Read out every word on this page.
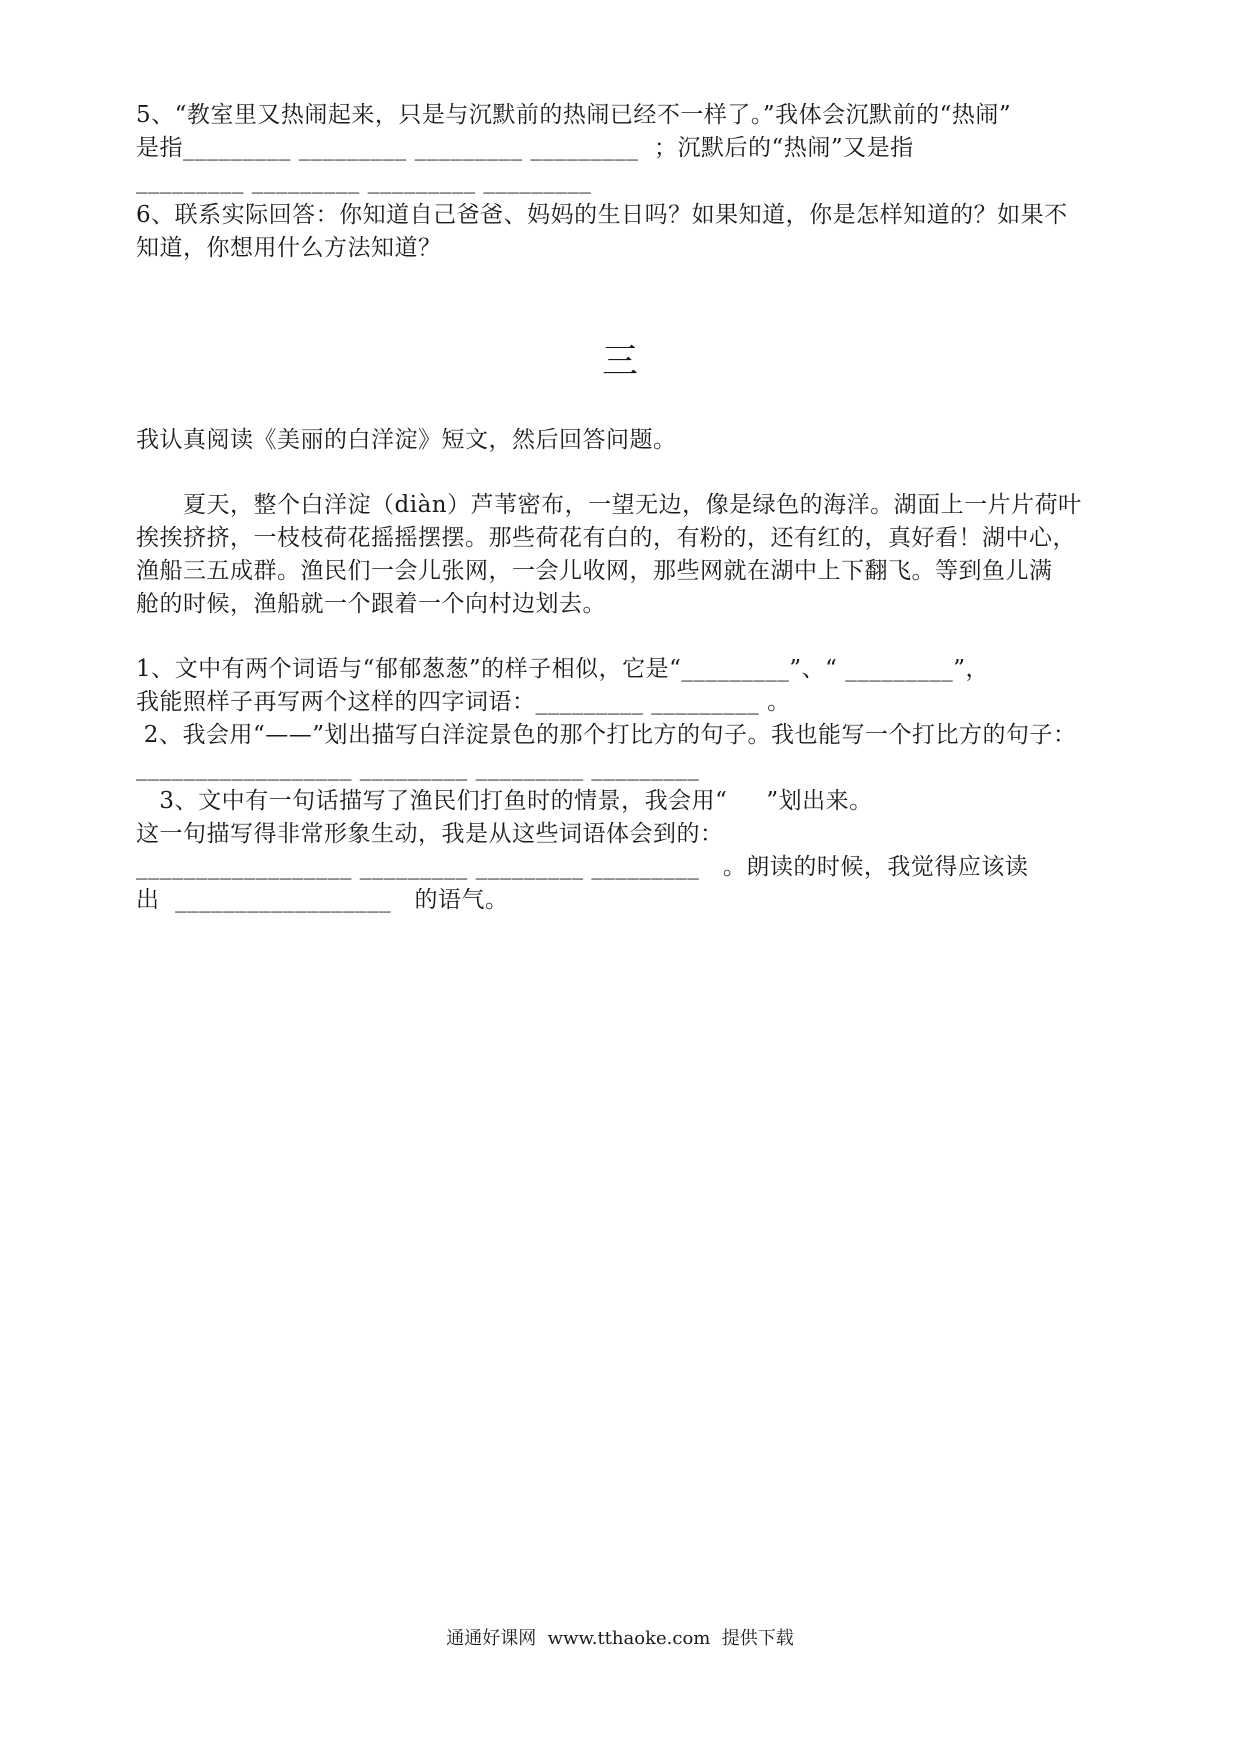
5、“教室里又热闹起来，只是与沉默前的热闹已经不一样了。”我体会沉默前的“热闹”
是指_________ _________ _________ _________  ；沉默后的“热闹”又是指
_________ _________ _________ _________
6、联系实际回答：你知道自己爸爸、妈妈的生日吗？如果知道，你是怎样知道的？如果不
知道，你想用什么方法知道？
三
我认真阅读《美丽的白洋淀》短文，然后回答问题。
　　夏天，整个白洋淀（diàn）芦苇密布，一望无边，像是绿色的海洋。湖面上一片片荷叶
挨挨挤挤，一枝枝荷花摇摇摆摆。那些荷花有白的，有粉的，还有红的，真好看！湖中心，
渔船三五成群。渔民们一会儿张网，一会儿收网，那些网就在湖中上下翻飞。等到鱼儿满
舱的时候，渔船就一个跟着一个向村边划去。
1、文中有两个词语与“郁郁葱葱”的样子相似，它是“_________”、“ _________”，
我能照样子再写两个这样的四字词语：_________ _________ 。
2、我会用“——”划出描写白洋淀景色的那个打比方的句子。我也能写一个打比方的句子：
__________________ _________ _________ _________
3、文中有一句话描写了渔民们打鱼时的情景，我会用“     ”划出来。
这一句描写得非常形象生动，我是从这些词语体会到的：
__________________ _________ _________ _________   。朗读的时候，我觉得应该读
出  __________________   的语气。
通通好课网  www.tthaoke.com  提供下载
